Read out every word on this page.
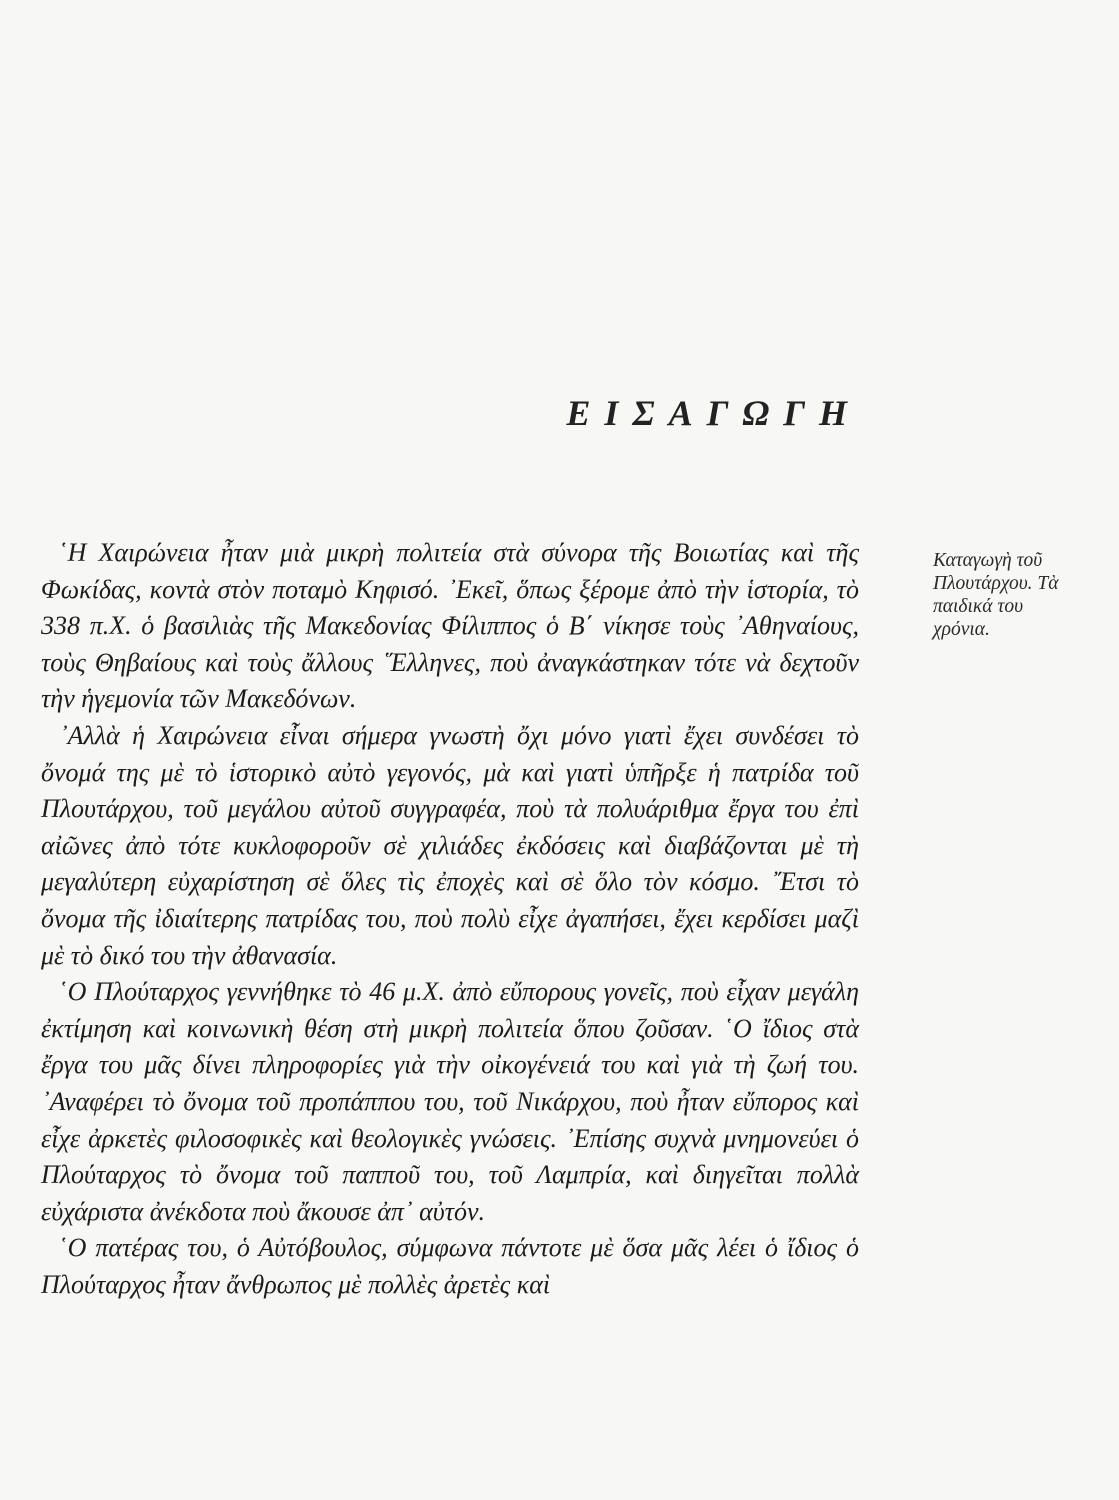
ΕΙΣΑΓΩΓΗ

῾Η Χαιρώνεια ἦταν μιὰ μικρὴ πολιτεία στὰ σύνορα τῆς Βοιωτίας καὶ τῆς Φωκίδας, κοντὰ στὸν ποταμὸ Κηφισό. ᾽Εκεῖ, ὅπως ξέρομε ἀπὸ τὴν ἱστορία, τὸ 338 π.Χ. ὁ βασιλιὰς τῆς Μακεδονίας Φίλιππος ὁ Β΄ νίκησε τοὺς ᾽Αθηναίους, τοὺς Θηβαίους καὶ τοὺς ἄλλους ῞Ελληνες, ποὺ ἀναγκάστηκαν τότε νὰ δεχτοῦν τὴν ἡγεμονία τῶν Μακεδόνων.

᾽Αλλὰ ἡ Χαιρώνεια εἶναι σήμερα γνωστὴ ὄχι μόνο γιατὶ ἔχει συνδέσει τὸ ὄνομά της μὲ τὸ ἱστορικὸ αὐτὸ γεγονός, μὰ καὶ γιατὶ ὑπῆρξε ἡ πατρίδα τοῦ Πλουτάρχου, τοῦ μεγάλου αὐτοῦ συγγραφέα, ποὺ τὰ πολυάριθμα ἔργα του ἐπὶ αἰῶνες ἀπὸ τότε κυκλοφοροῦν σὲ χιλιάδες ἐκδόσεις καὶ διαβάζονται μὲ τὴ μεγαλύτερη εὐχαρίστηση σὲ ὅλες τὶς ἐποχὲς καὶ σὲ ὅλο τὸν κόσμο. ῎Ετσι τὸ ὄνομα τῆς ἰδιαίτερης πατρίδας του, ποὺ πολὺ εἶχε ἀγαπήσει, ἔχει κερδίσει μαζὶ μὲ τὸ δικό του τὴν ἀθανασία.

῾Ο Πλούταρχος γεννήθηκε τὸ 46 μ.Χ. ἀπὸ εὔπορους γονεῖς, ποὺ εἶχαν μεγάλη ἐκτίμηση καὶ κοινωνικὴ θέση στὴ μικρὴ πολιτεία ὅπου ζοῦσαν. ῾Ο ἴδιος στὰ ἔργα του μᾶς δίνει πληροφορίες γιὰ τὴν οἰκογένειά του καὶ γιὰ τὴ ζωή του. ᾽Αναφέρει τὸ ὄνομα τοῦ προπάππου του, τοῦ Νικάρχου, ποὺ ἦταν εὔπορος καὶ εἶχε ἀρκετὲς φιλοσοφικὲς καὶ θεολογικὲς γνώσεις. ᾽Επίσης συχνὰ μνημονεύει ὁ Πλούταρχος τὸ ὄνομα τοῦ παπποῦ του, τοῦ Λαμπρία, καὶ διηγεῖται πολλὰ εὐχάριστα ἀνέκδοτα ποὺ ἄκουσε ἀπ᾽ αὐτόν.

῾Ο πατέρας του, ὁ Αὐτόβουλος, σύμφωνα πάντοτε μὲ ὅσα μᾶς λέει ὁ ἴδιος ὁ Πλούταρχος ἦταν ἄνθρωπος μὲ πολλὲς ἀρετὲς καὶ

Καταγωγὴ τοῦ Πλουτάρχου. Τὰ παιδικά του χρόνια.
